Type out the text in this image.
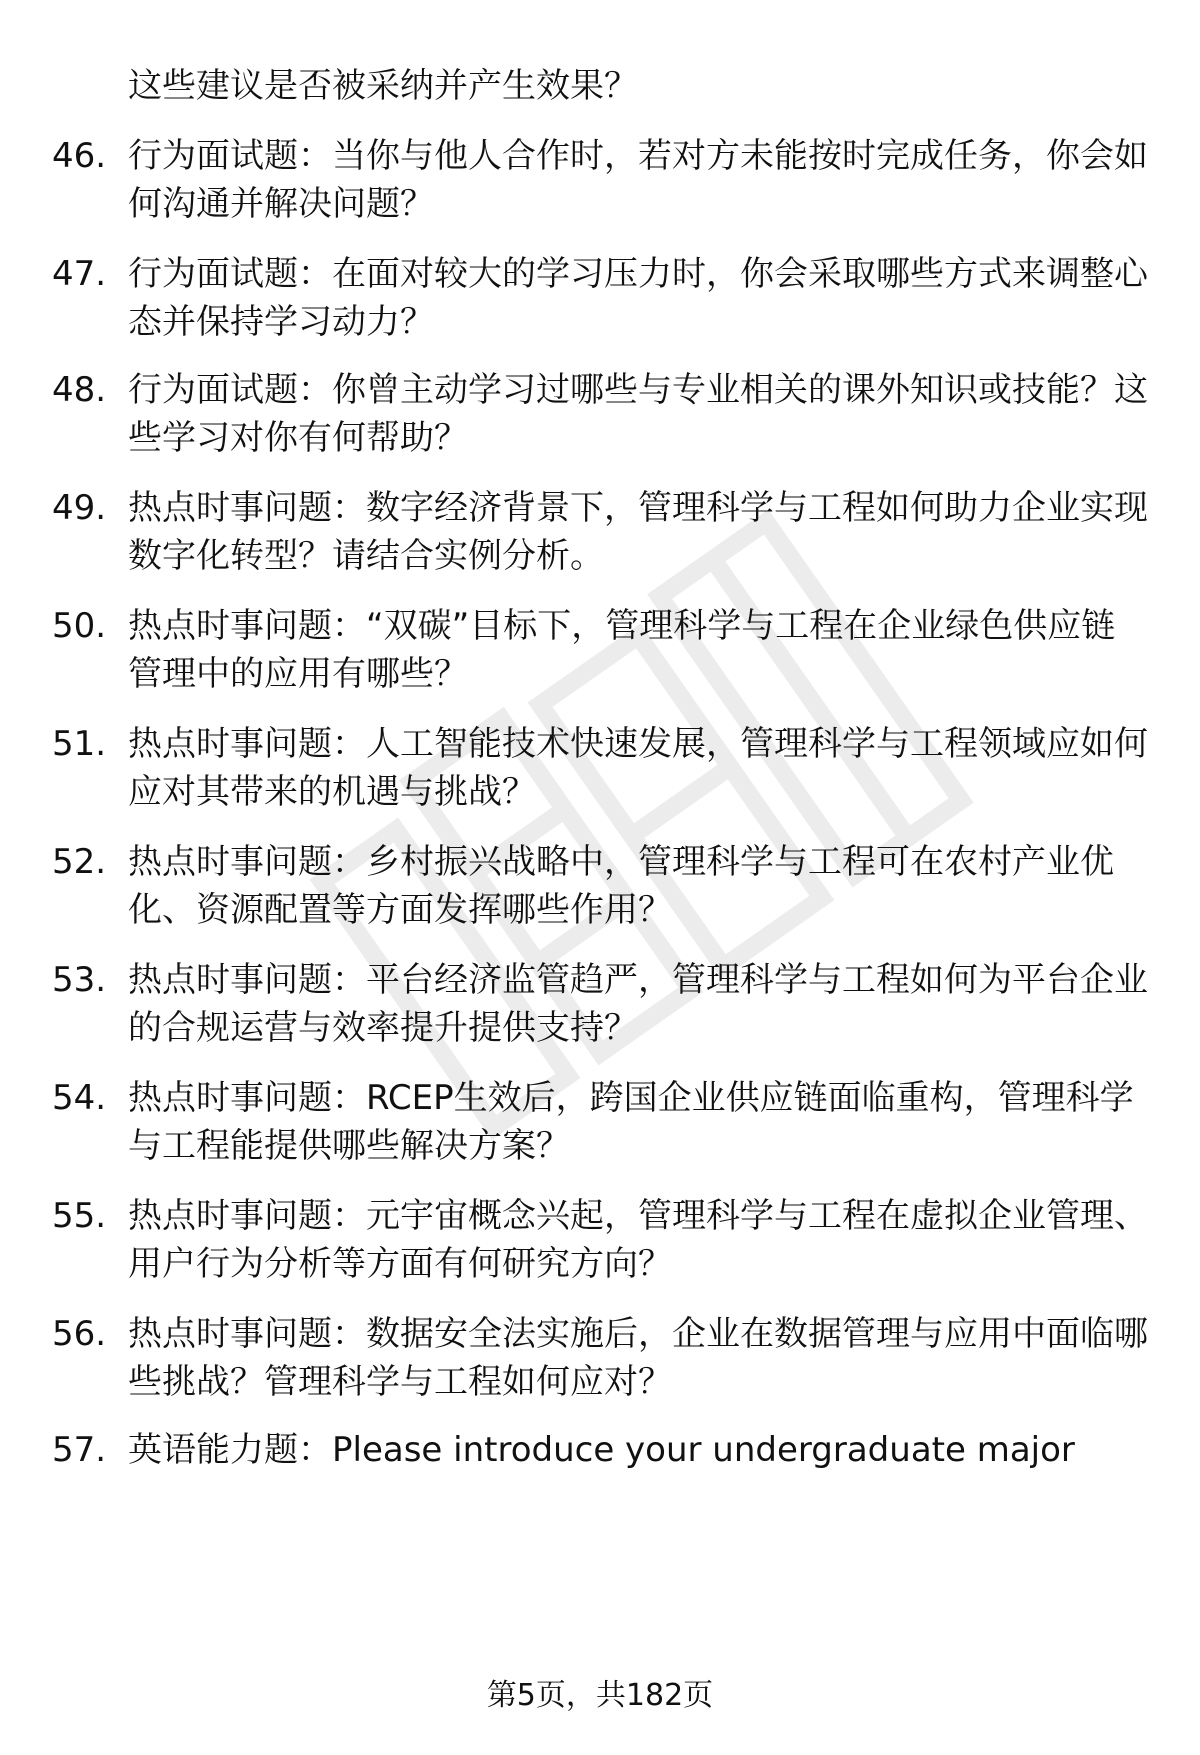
这些建议是否被采纳并产生效果？

46. 行为面试题：当你与他人合作时，若对方未能按时完成任务，你会如何沟通并解决问题？

47. 行为面试题：在面对较大的学习压力时，你会采取哪些方式来调整心态并保持学习动力？

48. 行为面试题：你曾主动学习过哪些与专业相关的课外知识或技能？这些学习对你有何帮助？

49. 热点时事问题：数字经济背景下，管理科学与工程如何助力企业实现数字化转型？请结合实例分析。

50. 热点时事问题：“双碳”目标下，管理科学与工程在企业绿色供应链管理中的应用有哪些？

51. 热点时事问题：人工智能技术快速发展，管理科学与工程领域应如何应对其带来的机遇与挑战？

52. 热点时事问题：乡村振兴战略中，管理科学与工程可在农村产业优化、资源配置等方面发挥哪些作用？

53. 热点时事问题：平台经济监管趋严，管理科学与工程如何为平台企业的合规运营与效率提升提供支持？

54. 热点时事问题：RCEP生效后，跨国企业供应链面临重构，管理科学与工程能提供哪些解决方案？

55. 热点时事问题：元宇宙概念兴起，管理科学与工程在虚拟企业管理、用户行为分析等方面有何研究方向？

56. 热点时事问题：数据安全法实施后，企业在数据管理与应用中面临哪些挑战？管理科学与工程如何应对？

57. 英语能力题：Please introduce your undergraduate major

第5页，共182页
